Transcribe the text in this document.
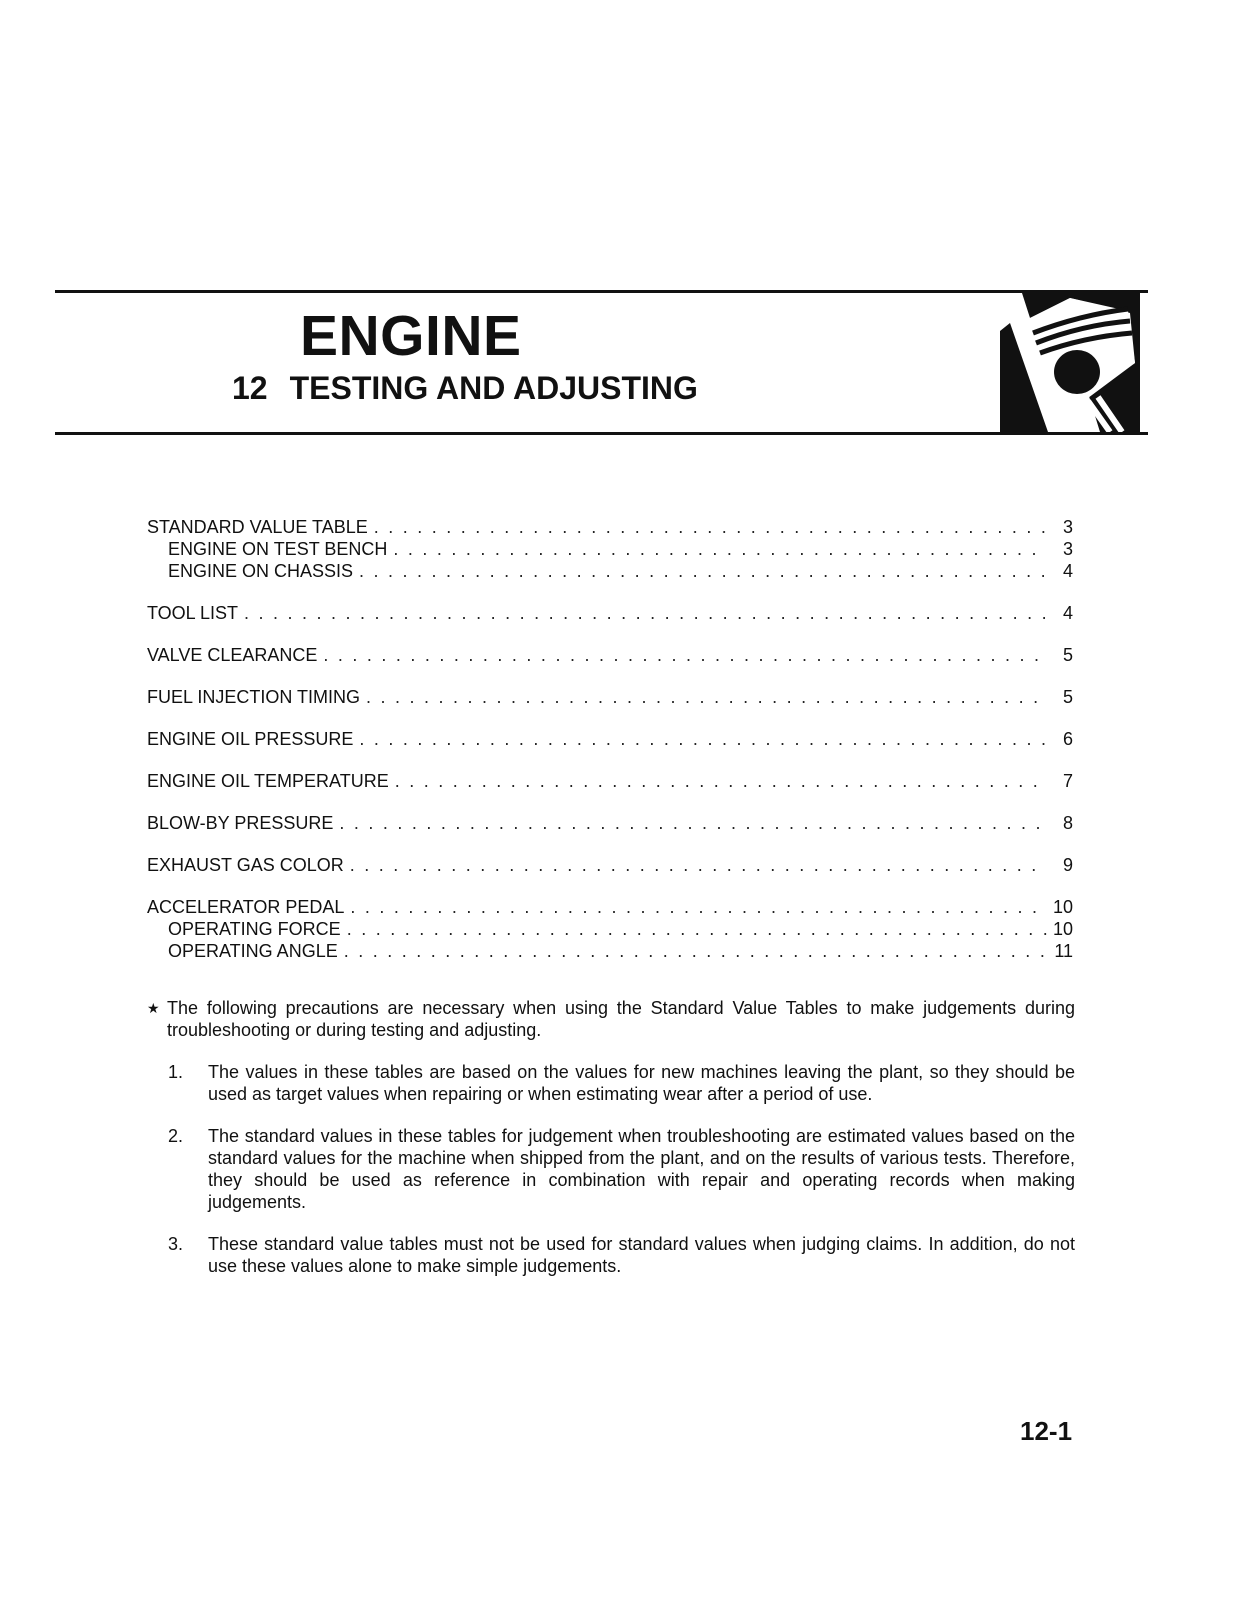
ENGINE
12 TESTING AND ADJUSTING
STANDARD VALUE TABLE . . .	3
ENGINE ON TEST BENCH . . .	3
ENGINE ON CHASSIS . . .	4
TOOL LIST . . .	4
VALVE CLEARANCE . . .	5
FUEL INJECTION TIMING . . .	5
ENGINE OIL PRESSURE . . .	6
ENGINE OIL TEMPERATURE . . .	7
BLOW-BY PRESSURE . . .	8
EXHAUST GAS COLOR . . .	9
ACCELERATOR PEDAL . . .	10
OPERATING FORCE . . .	10
OPERATING ANGLE . . .	11
★ The following precautions are necessary when using the Standard Value Tables to make judgements during troubleshooting or during testing and adjusting.
1.	The values in these tables are based on the values for new machines leaving the plant, so they should be used as target values when repairing or when estimating wear after a period of use.
2.	The standard values in these tables for judgement when troubleshooting are estimated values based on the standard values for the machine when shipped from the plant, and on the results of various tests. Therefore, they should be used as reference in combination with repair and operating records when making judgements.
3.	These standard value tables must not be used for standard values when judging claims. In addition, do not use these values alone to make simple judgements.
12-1
